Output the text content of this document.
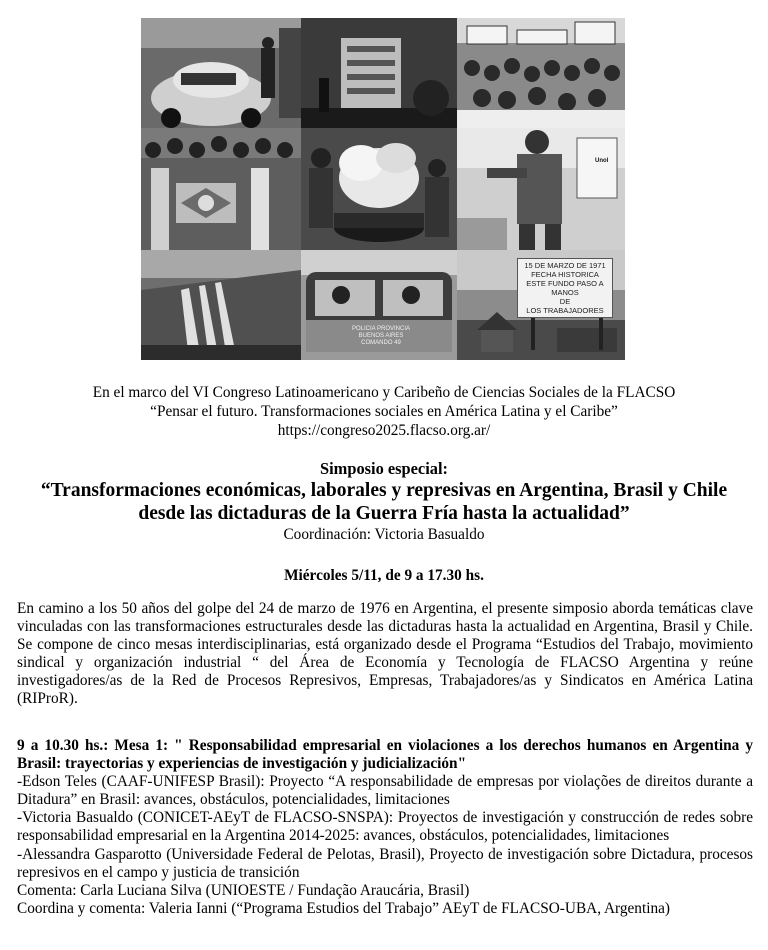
Unol
POLICIA PROVINCIA BUENOS AIRES
COMANDO 49
15 DE MARZO DE 1971
FECHA HISTORICA
ESTE FUNDO PASO A MANOS
DE
LOS TRABAJADORES
En el marco del VI Congreso Latinoamericano y Caribeño de Ciencias Sociales de la FLACSO
“Pensar el futuro. Transformaciones sociales en América Latina y el Caribe”
https://congreso2025.flacso.org.ar/
Simposio especial:
“Transformaciones económicas, laborales y represivas en Argentina, Brasil y Chile
desde las dictaduras de la Guerra Fría hasta la actualidad”
Coordinación: Victoria Basualdo
Miércoles 5/11, de 9 a 17.30 hs.

En camino a los 50 años del golpe del 24 de marzo de 1976 en Argentina, el presente simposio aborda temáticas clave vinculadas con las transformaciones estructurales desde las dictaduras hasta la actualidad en Argentina, Brasil y Chile. Se compone de cinco mesas interdisciplinarias, está organizado desde el Programa “Estudios del Trabajo, movimiento sindical y organización industrial “ del Área de Economía y Tecnología de FLACSO Argentina y reúne investigadores/as de la Red de Procesos Represivos, Empresas, Trabajadores/as y Sindicatos en América Latina (RIProR).

9 a 10.30 hs.: Mesa 1: " Responsabilidad empresarial en violaciones a los derechos humanos en Argentina y Brasil: trayectorias y experiencias de investigación y judicialización"
-Edson Teles (CAAF-UNIFESP Brasil): Proyecto “A responsabilidade de empresas por violações de direitos durante a Ditadura” en Brasil: avances, obstáculos, potencialidades, limitaciones
-Victoria Basualdo (CONICET-AEyT de FLACSO-SNSPA): Proyectos de investigación y construcción de redes sobre responsabilidad empresarial en la Argentina 2014-2025: avances, obstáculos, potencialidades, limitaciones
-Alessandra Gasparotto (Universidade Federal de Pelotas, Brasil), Proyecto de investigación sobre Dictadura, procesos represivos en el campo y justicia de transición
Comenta: Carla Luciana Silva (UNIOESTE / Fundação Araucária, Brasil)
Coordina y comenta: Valeria Ianni (“Programa Estudios del Trabajo” AEyT de FLACSO-UBA, Argentina)
